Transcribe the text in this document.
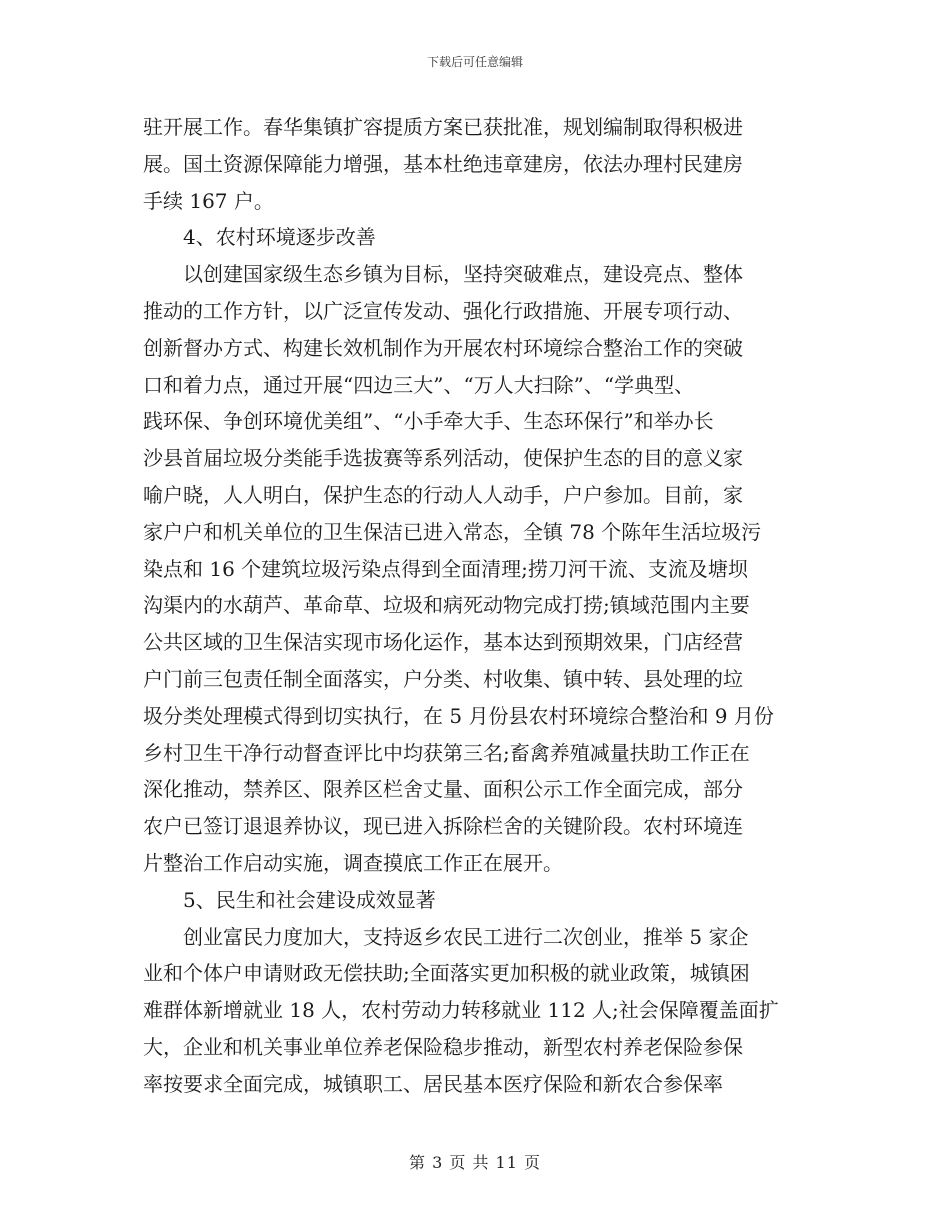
下载后可任意编辑
驻开展工作。春华集镇扩容提质方案已获批准，规划编制取得积极进
展。国土资源保障能力增强，基本杜绝违章建房，依法办理村民建房
手续 167 户。
4、农村环境逐步改善
以创建国家级生态乡镇为目标，坚持突破难点，建设亮点、整体
推动的工作方针，以广泛宣传发动、强化行政措施、开展专项行动、
创新督办方式、构建长效机制作为开展农村环境综合整治工作的突破
口和着力点，通过开展“四边三大”、“万人大扫除”、“学典型、
践环保、争创环境优美组”、“小手牵大手、生态环保行”和举办长
沙县首届垃圾分类能手选拔赛等系列活动，使保护生态的目的意义家
喻户晓，人人明白，保护生态的行动人人动手，户户参加。目前，家
家户户和机关单位的卫生保洁已进入常态，全镇 78 个陈年生活垃圾污
染点和 16 个建筑垃圾污染点得到全面清理;捞刀河干流、支流及塘坝
沟渠内的水葫芦、革命草、垃圾和病死动物完成打捞;镇域范围内主要
公共区域的卫生保洁实现市场化运作，基本达到预期效果，门店经营
户门前三包责任制全面落实，户分类、村收集、镇中转、县处理的垃
圾分类处理模式得到切实执行，在 5 月份县农村环境综合整治和 9 月份
乡村卫生干净行动督查评比中均获第三名;畜禽养殖减量扶助工作正在
深化推动，禁养区、限养区栏舍丈量、面积公示工作全面完成，部分
农户已签订退退养协议，现已进入拆除栏舍的关键阶段。农村环境连
片整治工作启动实施，调查摸底工作正在展开。
5、民生和社会建设成效显著
创业富民力度加大，支持返乡农民工进行二次创业，推举 5 家企
业和个体户申请财政无偿扶助;全面落实更加积极的就业政策，城镇困
难群体新增就业 18 人，农村劳动力转移就业 112 人;社会保障覆盖面扩
大，企业和机关事业单位养老保险稳步推动，新型农村养老保险参保
率按要求全面完成，城镇职工、居民基本医疗保险和新农合参保率
第 3 页 共 11 页
